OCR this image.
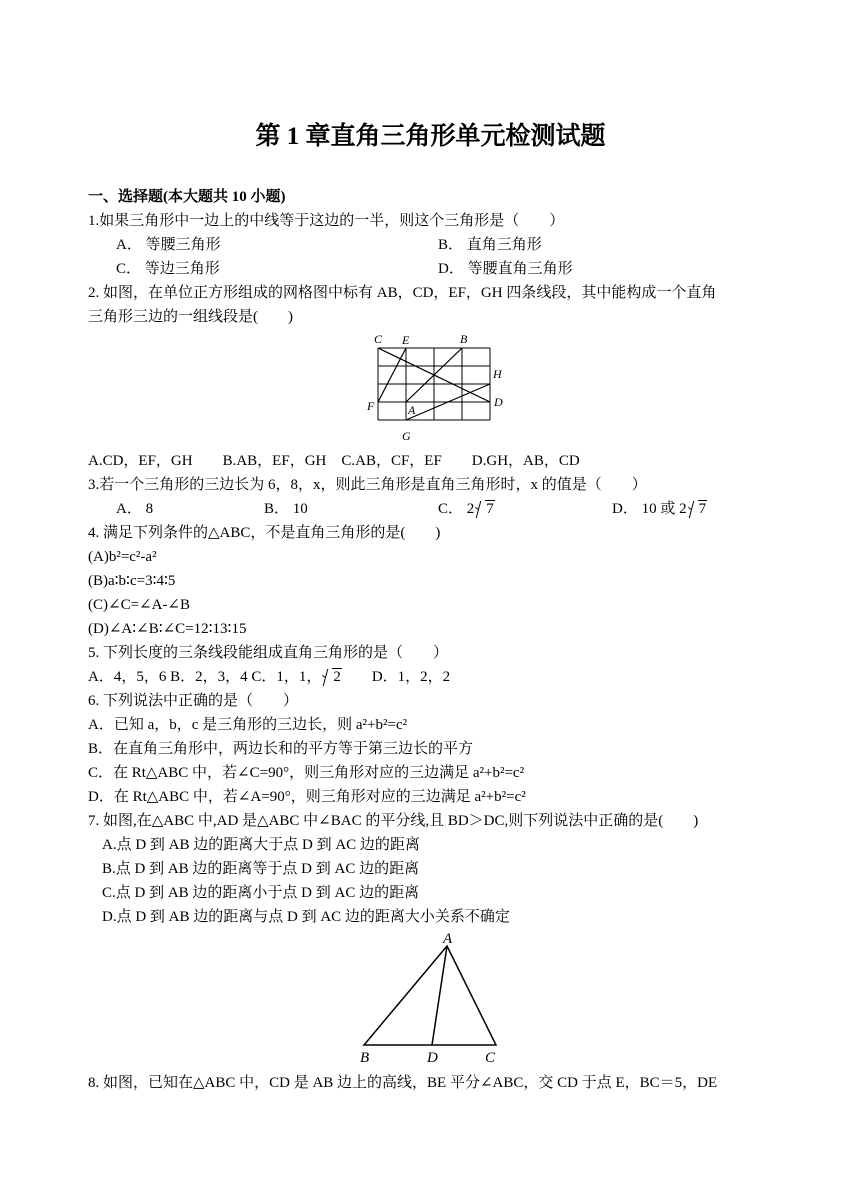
第 1 章直角三角形单元检测试题
一、选择题(本大题共 10 小题)
1.如果三角形中一边上的中线等于这边的一半，则这个三角形是（　　）
A． 等腰三角形	B． 直角三角形
C． 等边三角形	D． 等腰直角三角形
2. 如图，在单位正方形组成的网格图中标有 AB，CD，EF，GH 四条线段，其中能构成一个直角
三角形三边的一组线段是(　　)
C E	B
H
F	A
D
G
A.CD，EF，GH　　B.AB，EF，GH　C.AB，CF，EF　　D.GH，AB，CD
3.若一个三角形的三边长为 6，8，x，则此三角形是直角三角形时，x 的值是（　　）
A． 8	B． 10	C． 2 7	D． 10 或 2 7
4. 满足下列条件的△ABC，不是直角三角形的是(　　)
(A)b²=c²-a²
(B)a∶b∶c=3∶4∶5
(C)∠C=∠A-∠B
(D)∠A∶∠B∶∠C=12∶13∶15
5. 下列长度的三条线段能组成直角三角形的是（　　）
A．4，5，6 B．2，3，4 C．1，1， 2 D．1，2，2
6. 下列说法中正确的是（　　）
A．已知 a，b，c 是三角形的三边长，则 a²+b²=c²
B．在直角三角形中，两边长和的平方等于第三边长的平方
C．在 Rt△ABC 中，若∠C=90°，则三角形对应的三边满足 a²+b²=c²
D．在 Rt△ABC 中，若∠A=90°，则三角形对应的三边满足 a²+b²=c²
7. 如图,在△ABC 中,AD 是△ABC 中∠BAC 的平分线,且 BD＞DC,则下列说法中正确的是(　　)
A.点 D 到 AB 边的距离大于点 D 到 AC 边的距离
B.点 D 到 AB 边的距离等于点 D 到 AC 边的距离
C.点 D 到 AB 边的距离小于点 D 到 AC 边的距离
D.点 D 到 AB 边的距离与点 D 到 AC 边的距离大小关系不确定
A
B	D	C
8. 如图，已知在△ABC 中，CD 是 AB 边上的高线，BE 平分∠ABC，交 CD 于点 E，BC＝5，DE
